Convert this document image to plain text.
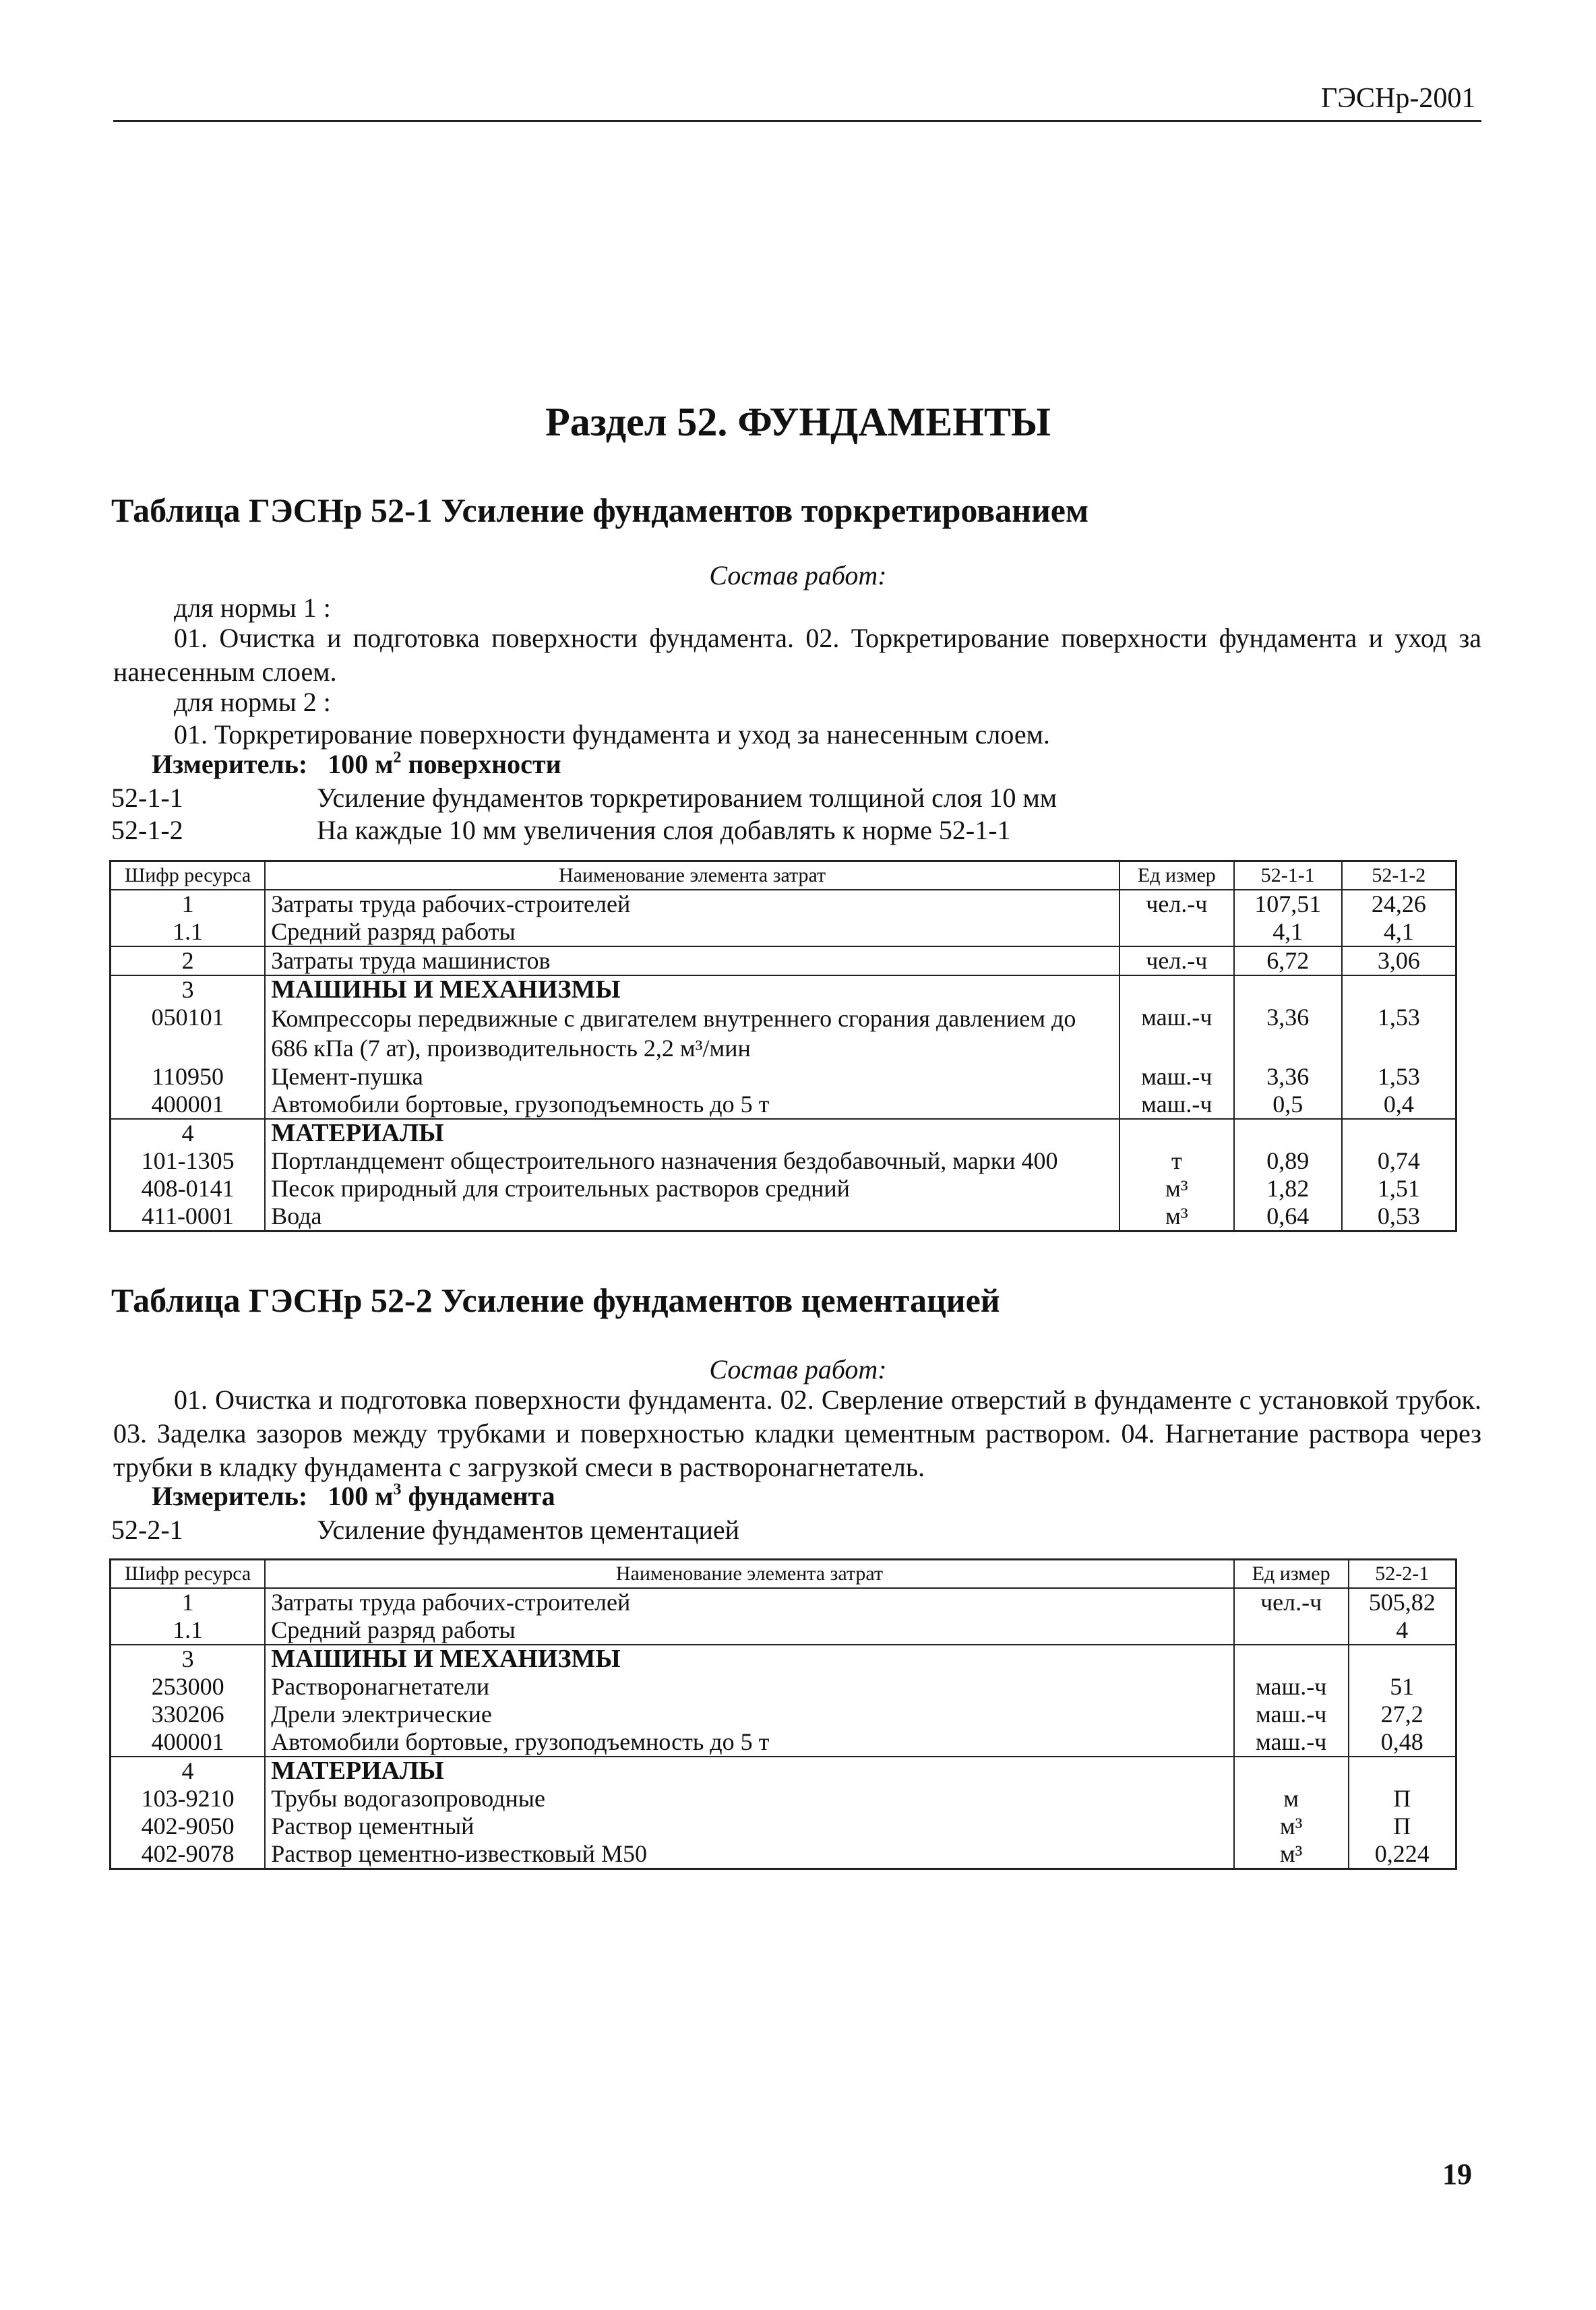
ГЭСНр-2001
Раздел 52. ФУНДАМЕНТЫ
Таблица ГЭСНр 52-1 Усиление фундаментов торкретированием
Состав работ:
для нормы 1 :
01. Очистка и подготовка поверхности фундамента. 02. Торкретирование поверхности фундамента и уход за нанесенным слоем.
для нормы 2 :
01. Торкретирование поверхности фундамента и уход за нанесенным слоем.
Измеритель: 100 $м^2$ поверхности
52-1-1	Усиление фундаментов торкретированием толщиной слоя 10 мм
52-1-2	На каждые 10 мм увеличения слоя добавлять к норме 52-1-1
Шифр ресурса	Наименование элемента затрат	Ед измер	52-1-1	52-1-2
1	Затраты труда рабочих-строителей	чел.-ч	107,51	24,26
1.1	Средний разряд работы		4,1	4,1
2	Затраты труда машинистов	чел.-ч	6,72	3,06
3	МАШИНЫ И МЕХАНИЗМЫ			
050101	Компрессоры передвижные с двигателем внутреннего сгорания давлением до 686 кПа (7 ат), производительность 2,2 м³/мин	маш.-ч	3,36	1,53
110950	Цемент-пушка	маш.-ч	3,36	1,53
400001	Автомобили бортовые, грузоподъемность до 5 т	маш.-ч	0,5	0,4
4	МАТЕРИАЛЫ			
101-1305	Портландцемент общестроительного назначения бездобавочный, марки 400	т	0,89	0,74
408-0141	Песок природный для строительных растворов средний	м³	1,82	1,51
411-0001	Вода	м³	0,64	0,53
Таблица ГЭСНр 52-2 Усиление фундаментов цементацией
Состав работ:
01. Очистка и подготовка поверхности фундамента. 02. Сверление отверстий в фундаменте с установкой трубок. 03. Заделка зазоров между трубками и поверхностью кладки цементным раствором. 04. Нагнетание раствора через трубки в кладку фундамента с загрузкой смеси в растворонагнетатель.
Измеритель: 100 $м^3$ фундамента
52-2-1	Усиление фундаментов цементацией
Шифр ресурса	Наименование элемента затрат	Ед измер	52-2-1
1	Затраты труда рабочих-строителей	чел.-ч	505,82
1.1	Средний разряд работы		4
3	МАШИНЫ И МЕХАНИЗМЫ		
253000	Растворонагнетатели	маш.-ч	51
330206	Дрели электрические	маш.-ч	27,2
400001	Автомобили бортовые, грузоподъемность до 5 т	маш.-ч	0,48
4	МАТЕРИАЛЫ		
103-9210	Трубы водогазопроводные	м	П
402-9050	Раствор цементный	м³	П
402-9078	Раствор цементно-известковый М50	м³	0,224
19
